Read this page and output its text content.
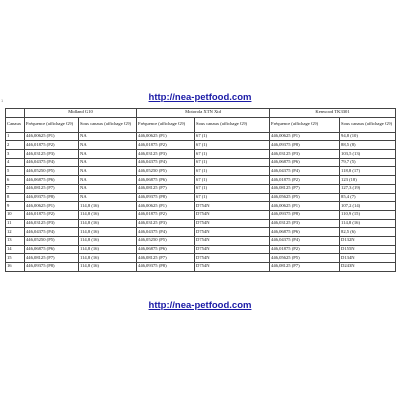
http://nea-petfood.com
1
	Midland G10		Motorola XTN Xtd		Kenwood TK3301	
Canaux	Fréquence (affichage G9)	Sous canaux (affichage G9)	Fréquence (affichage G9)	Sous canaux (affichage G9)	Fréquence (affichage G9)	Sous canaux (affichage G9)
1	446,00625 (P1)	NA	446,00625 (P1)	67 (1)	446,00625 (P1)	94,8 (10)
2	446,01875 (P2)	NA	446,01875 (P2)	67 (1)	446,09375 (P8)	88,5 (8)
3	446,03125 (P3)	NA	446,03125 (P3)	67 (1)	446,03125 (P3)	103,5 (13)
4	446,04375 (P4)	NA	446,04375 (P4)	67 (1)	446,06875 (P6)	79,7 (5)
5	446,05250 (P5)	NA	446,05250 (P5)	67 (1)	446,04375 (P4)	118,8 (17)
6	446,06875 (P6)	NA	446,06875 (P6)	67 (1)	446,01875 (P2)	123 (18)
7	446,08125 (P7)	NA	446,08125 (P7)	67 (1)	446,08125 (P7)	127,3 (19)
8	446,09375 (P8)	NA	446,09375 (P8)	67 (1)	446,05625 (P5)	85,4 (7)
9	446,00625 (P1)	114,8 (16)	446,00625 (P1)	D754N	446,00625 (P1)	107,2 (14)
10	446,01875 (P2)	114,8 (16)	446,01875 (P2)	D754N	446,09375 (P8)	110,9 (15)
11	446,03125 (P3)	114,8 (16)	446,03125 (P3)	D754N	446,03125 (P3)	114,8 (16)
12	446,04375 (P4)	114,8 (16)	446,04375 (P4)	D754N	446,06875 (P6)	82,5 (6)
13	446,05250 (P5)	114,8 (16)	446,05250 (P5)	D754N	446,04375 (P4)	D132N
14	446,06875 (P6)	114,8 (16)	446,06875 (P6)	D754N	446,01875 (P2)	D155N
15	446,08125 (P7)	114,8 (16)	446,08125 (P7)	D754N	446,05625 (P5)	D134N
16	446,09375 (P8)	114,8 (16)	446,09375 (P8)	D754N	446,08125 (P7)	D243N
http://nea-petfood.com
